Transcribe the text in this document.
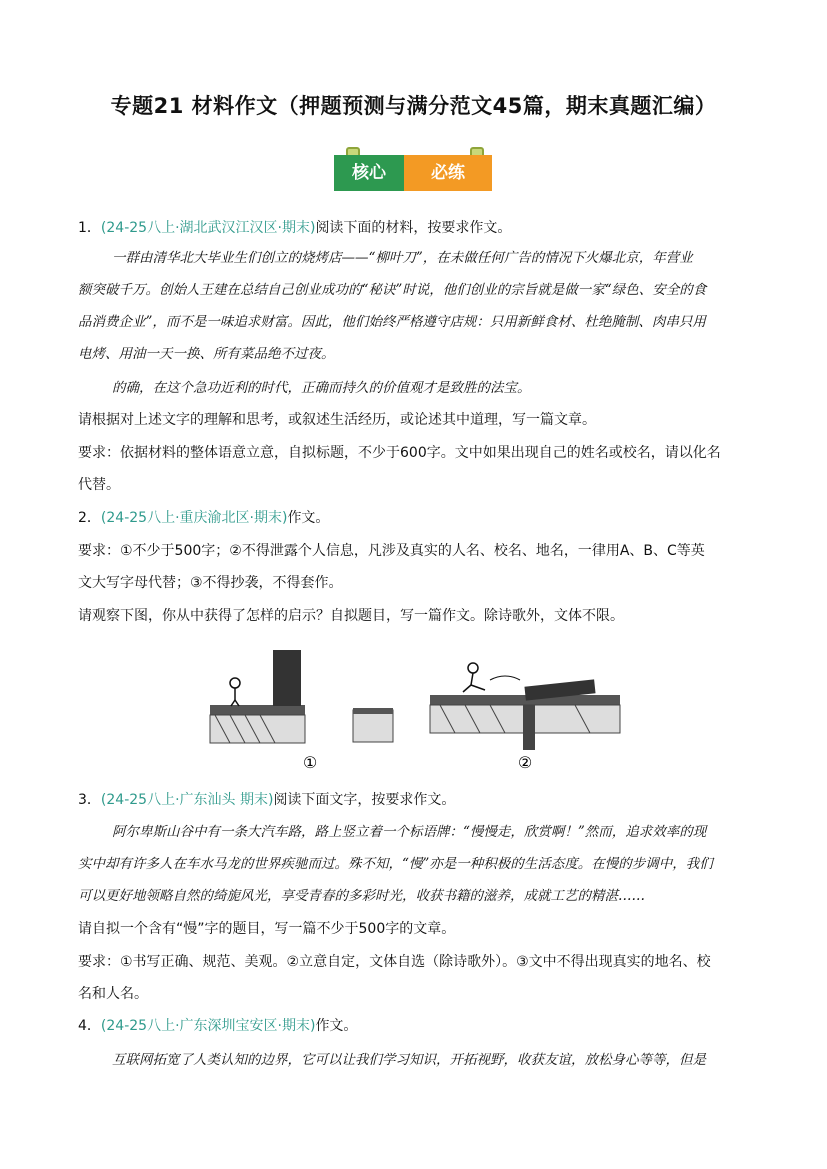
专题21 材料作文（押题预测与满分范文45篇，期末真题汇编）
核心	必练
1．(24-25八上·湖北武汉江汉区·期末)阅读下面的材料，按要求作文。
一群由清华北大毕业生们创立的烧烤店——“柳叶刀”，在未做任何广告的情况下火爆北京，年营业
额突破千万。创始人王建在总结自己创业成功的“秘诀”时说，他们创业的宗旨就是做一家“绿色、安全的食
品消费企业”，而不是一味追求财富。因此，他们始终严格遵守店规：只用新鲜食材、杜绝腌制、肉串只用
电烤、用油一天一换、所有菜品绝不过夜。
的确，在这个急功近利的时代，正确而持久的价值观才是致胜的法宝。
请根据对上述文字的理解和思考，或叙述生活经历，或论述其中道理，写一篇文章。
要求：依据材料的整体语意立意，自拟标题，不少于600字。文中如果出现自己的姓名或校名，请以化名
代替。
2．(24-25八上·重庆渝北区·期末)作文。
要求：①不少于500字；②不得泄露个人信息，凡涉及真实的人名、校名、地名，一律用A、B、C等英
文大写字母代替；③不得抄袭，不得套作。
请观察下图，你从中获得了怎样的启示？自拟题目，写一篇作文。除诗歌外，文体不限。
①	②
3．(24-25八上·广东汕头 期末)阅读下面文字，按要求作文。
阿尔卑斯山谷中有一条大汽车路，路上竖立着一个标语牌：“慢慢走，欣赏啊！”然而，追求效率的现
实中却有许多人在车水马龙的世界疾驰而过。殊不知，“慢”亦是一种积极的生活态度。在慢的步调中，我们
可以更好地领略自然的绮旎风光，享受青春的多彩时光，收获书籍的滋养，成就工艺的精湛……
请自拟一个含有“慢”字的题目，写一篇不少于500字的文章。
要求：①书写正确、规范、美观。②立意自定，文体自选（除诗歌外）。③文中不得出现真实的地名、校
名和人名。
4．(24-25八上·广东深圳宝安区·期末)作文。
互联网拓宽了人类认知的边界，它可以让我们学习知识，开拓视野，收获友谊，放松身心等等，但是
